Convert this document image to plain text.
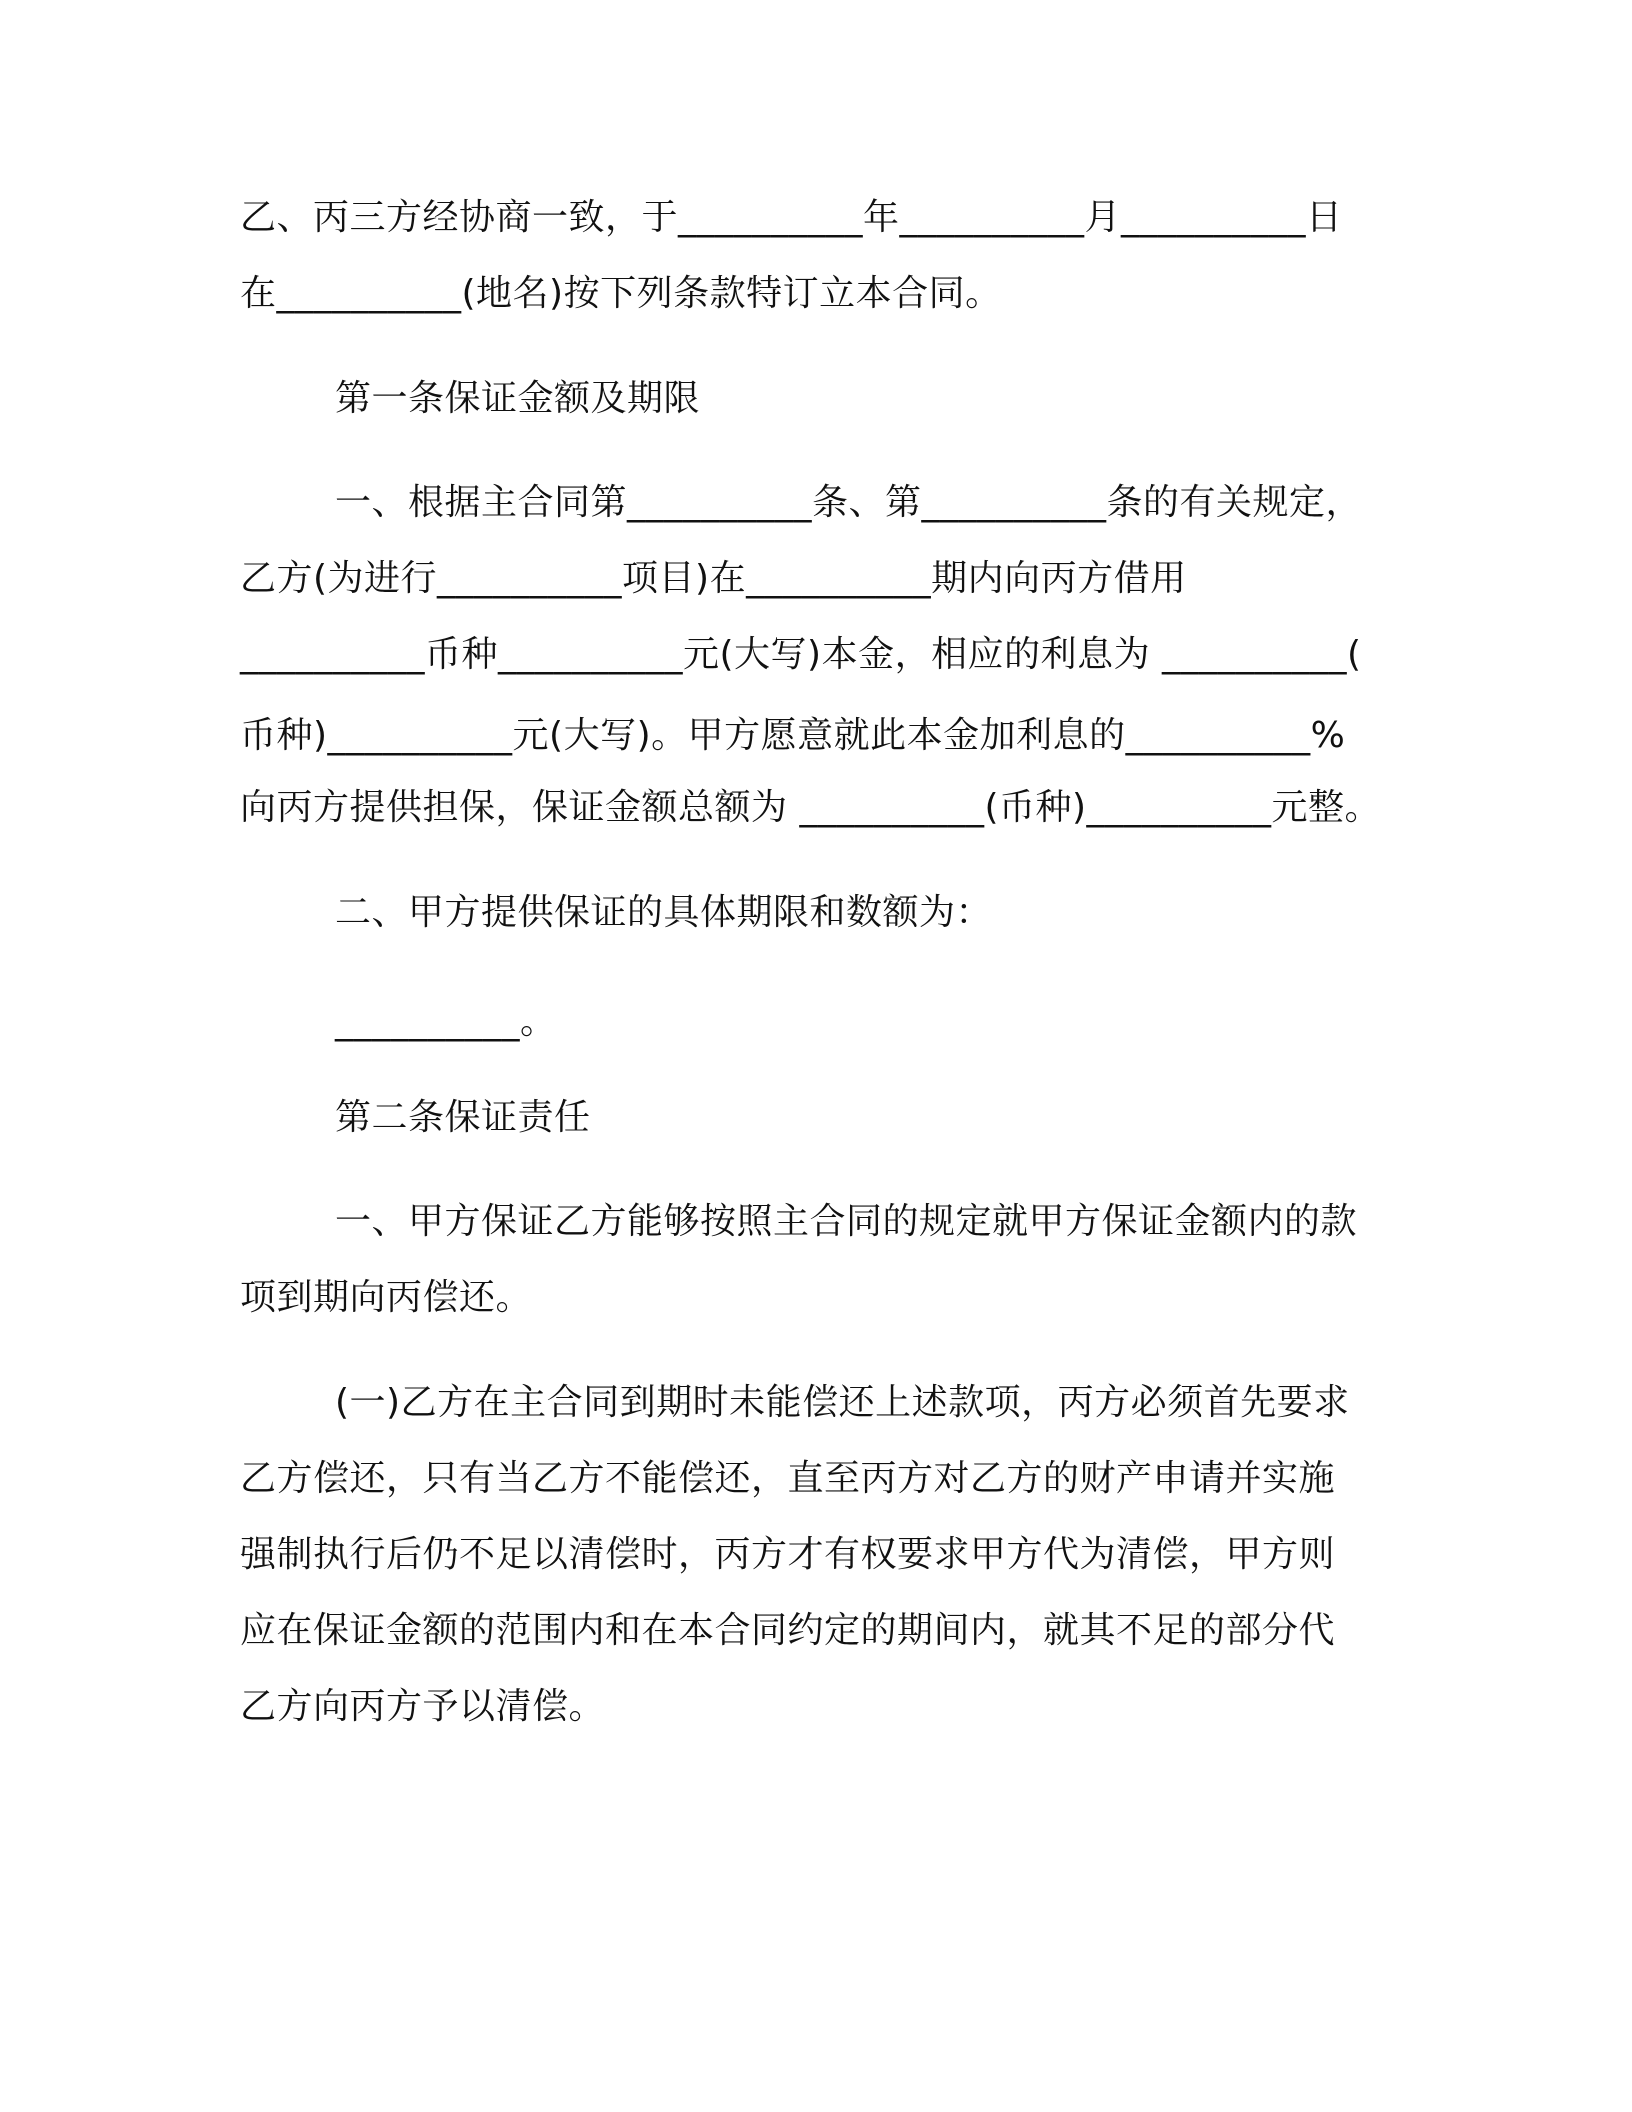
乙、丙三方经协商一致，于__________年__________月__________日
在__________(地名)按下列条款特订立本合同。
第一条保证金额及期限
一、根据主合同第__________条、第__________条的有关规定，
乙方(为进行__________项目)在__________期内向丙方借用
__________币种__________元(大写)本金，相应的利息为 __________(
币种)__________元(大写)。甲方愿意就此本金加利息的__________%
向丙方提供担保，保证金额总额为 __________(币种)__________元整。
二、甲方提供保证的具体期限和数额为：
__________。
第二条保证责任
一、甲方保证乙方能够按照主合同的规定就甲方保证金额内的款
项到期向丙偿还。
(一)乙方在主合同到期时未能偿还上述款项，丙方必须首先要求
乙方偿还，只有当乙方不能偿还，直至丙方对乙方的财产申请并实施
强制执行后仍不足以清偿时，丙方才有权要求甲方代为清偿，甲方则
应在保证金额的范围内和在本合同约定的期间内，就其不足的部分代
乙方向丙方予以清偿。
